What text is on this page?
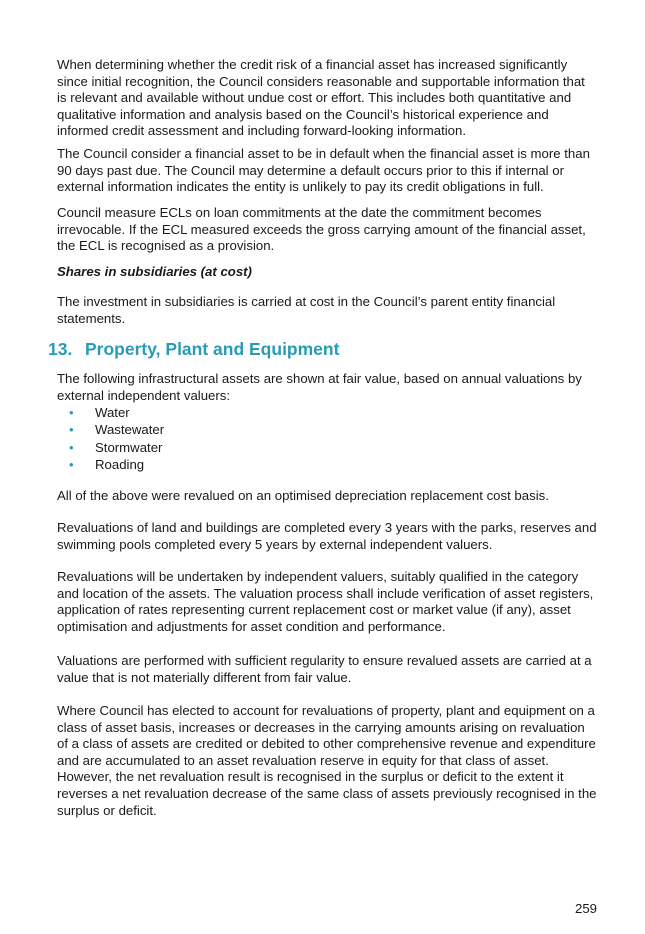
When determining whether the credit risk of a financial asset has increased significantly since initial recognition, the Council considers reasonable and supportable information that is relevant and available without undue cost or effort. This includes both quantitative and qualitative information and analysis based on the Council’s historical experience and informed credit assessment and including forward-looking information.

The Council consider a financial asset to be in default when the financial asset is more than 90 days past due. The Council may determine a default occurs prior to this if internal or external information indicates the entity is unlikely to pay its credit obligations in full.

Council measure ECLs on loan commitments at the date the commitment becomes irrevocable. If the ECL measured exceeds the gross carrying amount of the financial asset, the ECL is recognised as a provision.

Shares in subsidiaries (at cost)

The investment in subsidiaries is carried at cost in the Council’s parent entity financial statements.

13. Property, Plant and Equipment

The following infrastructural assets are shown at fair value, based on annual valuations by external independent valuers:

• Water
• Wastewater
• Stormwater
• Roading

All of the above were revalued on an optimised depreciation replacement cost basis.

Revaluations of land and buildings are completed every 3 years with the parks, reserves and swimming pools completed every 5 years by external independent valuers.

Revaluations will be undertaken by independent valuers, suitably qualified in the category and location of the assets. The valuation process shall include verification of asset registers, application of rates representing current replacement cost or market value (if any), asset optimisation and adjustments for asset condition and performance.

Valuations are performed with sufficient regularity to ensure revalued assets are carried at a value that is not materially different from fair value.

Where Council has elected to account for revaluations of property, plant and equipment on a class of asset basis, increases or decreases in the carrying amounts arising on revaluation of a class of assets are credited or debited to other comprehensive revenue and expenditure and are accumulated to an asset revaluation reserve in equity for that class of asset. However, the net revaluation result is recognised in the surplus or deficit to the extent it reverses a net revaluation decrease of the same class of assets previously recognised in the surplus or deficit.

259
